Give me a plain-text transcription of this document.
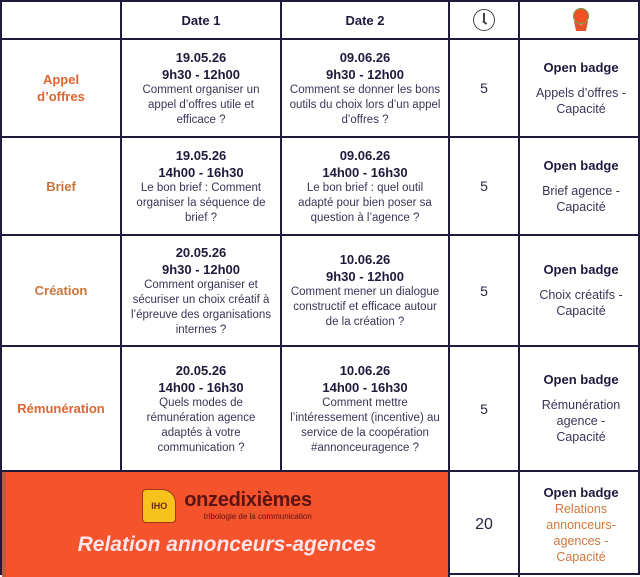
Date 1	Date 2
Appel d’offres
19.05.26
9h30 - 12h00
Comment organiser un appel d’offres utile et efficace ?
09.06.26
9h30 - 12h00
Comment se donner les bons outils du choix lors d’un appel d’offres ?
5
Open badge
Appels d’offres - Capacité
Brief
19.05.26
14h00 - 16h30
Le bon brief : Comment organiser la séquence de brief ?
09.06.26
14h00 - 16h30
Le bon brief : quel outil adapté pour bien poser sa question à l’agence ?
5
Open badge
Brief agence - Capacité
Création
20.05.26
9h30 - 12h00
Comment organiser et sécuriser un choix créatif à l’épreuve des organisations internes ?
10.06.26
9h30 - 12h00
Comment mener un dialogue constructif et efficace autour de la création ?
5
Open badge
Choix créatifs - Capacité
Rémunération
20.05.26
14h00 - 16h30
Quels modes de rémunération agence adaptés à votre communication ?
10.06.26
14h00 - 16h30
Comment mettre l’intéressement (incentive) au service de la coopération #annonceuragence ?
5
Open badge
Rémunération agence - Capacité
IHO onzedixièmes
tribologie de la communication
Relation annonceurs-agences
20
Open badge
Relations annonceurs-agences - Capacité
